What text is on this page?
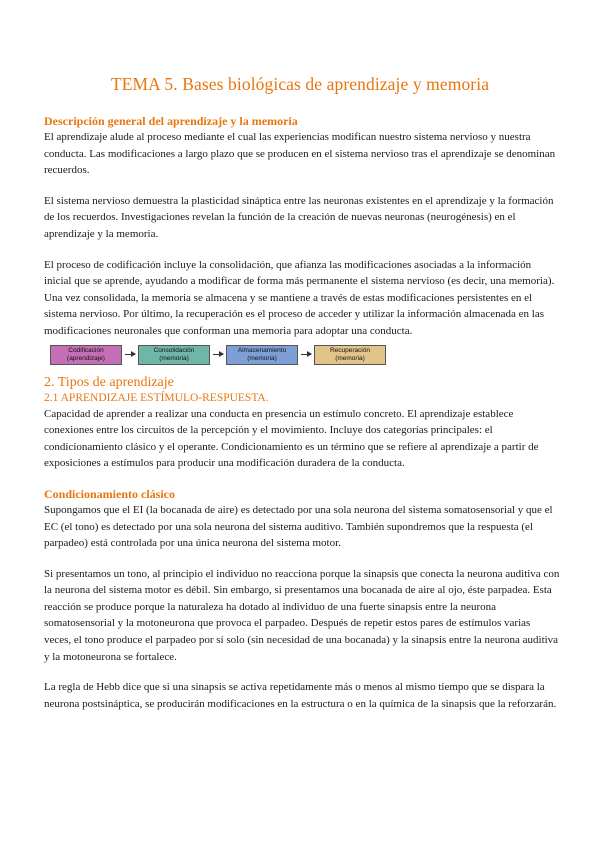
TEMA 5. Bases biológicas de aprendizaje y memoria
Descripción general del aprendizaje y la memoria

El aprendizaje alude al proceso mediante el cual las experiencias modifican nuestro sistema nervioso y nuestra conducta. Las modificaciones a largo plazo que se producen en el sistema nervioso tras el aprendizaje se denominan recuerdos.

El sistema nervioso demuestra la plasticidad sináptica entre las neuronas existentes en el aprendizaje y la formación de los recuerdos. Investigaciones revelan la función de la creación de nuevas neuronas (neurogénesis) en el aprendizaje y la memoria.

El proceso de codificación incluye la consolidación, que afianza las modificaciones asociadas a la información inicial que se aprende, ayudando a modificar de forma más permanente el sistema nervioso (es decir, una memoria). Una vez consolidada, la memoria se almacena y se mantiene a través de estas modificaciones persistentes en el sistema nervioso. Por último, la recuperación es el proceso de acceder y utilizar la información almacenada en las modificaciones neuronales que conforman una memoria para adoptar una conducta.

Codificación
(aprendizaje)
Consolidación
(memoria)
Almacenamiento
(memoria)
Recuperación
(memoria)
2. Tipos de aprendizaje
2.1 APRENDIZAJE ESTÍMULO-RESPUESTA.

Capacidad de aprender a realizar una conducta en presencia un estímulo concreto. El aprendizaje establece conexiones entre los circuitos de la percepción y el movimiento. Incluye dos categorías principales: el condicionamiento clásico y el operante. Condicionamiento es un término que se refiere al aprendizaje a partir de exposiciones a estímulos para producir una modificación duradera de la conducta.

Condicionamiento clásico

Supongamos que el EI (la bocanada de aire) es detectado por una sola neurona del sistema somatosensorial y que el EC (el tono) es detectado por una sola neurona del sistema auditivo. También supondremos que la respuesta (el parpadeo) está controlada por una única neurona del sistema motor.

Si presentamos un tono, al principio el individuo no reacciona porque la sinapsis que conecta la neurona auditiva con la neurona del sistema motor es débil. Sin embargo, si presentamos una bocanada de aire al ojo, éste parpadea. Esta reacción se produce porque la naturaleza ha dotado al individuo de una fuerte sinapsis entre la neurona somatosensorial y la motoneurona que provoca el parpadeo. Después de repetir estos pares de estímulos varias veces, el tono produce el parpadeo por sí solo (sin necesidad de una bocanada) y la sinapsis entre la neurona auditiva y la motoneurona se fortalece.

La regla de Hebb dice que si una sinapsis se activa repetidamente más o menos al mismo tiempo que se dispara la neurona postsináptica, se producirán modificaciones en la estructura o en la química de la sinapsis que la reforzarán.
